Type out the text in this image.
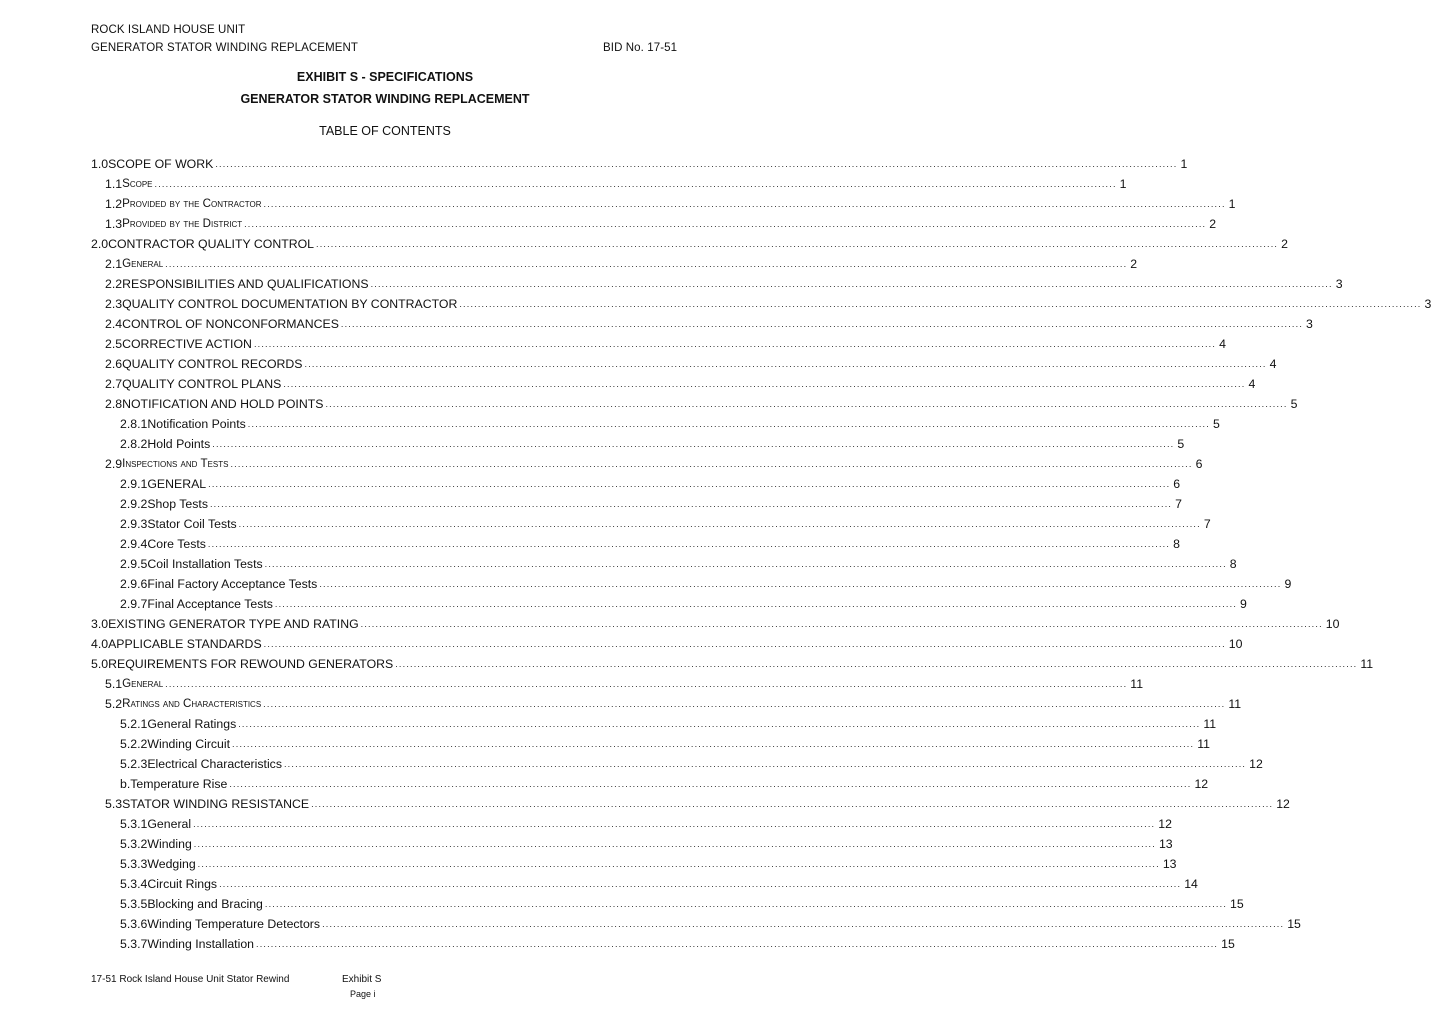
ROCK ISLAND HOUSE UNIT
GENERATOR STATOR WINDING REPLACEMENT	BID No. 17-51
EXHIBIT S - SPECIFICATIONS
GENERATOR STATOR WINDING REPLACEMENT
TABLE OF CONTENTS
1.0 SCOPE OF WORK .................................................................................................................................................................................................................................................................... 1
1.1 Scope .................................................................................................................................................................................................................................................................... 1
1.2 Provided by the Contractor .................................................................................................................................................................................................................................................................... 1
1.3 Provided by the District .................................................................................................................................................................................................................................................................... 2
2.0 CONTRACTOR QUALITY CONTROL .................................................................................................................................................................................................................................................................... 2
2.1 General .................................................................................................................................................................................................................................................................... 2
2.2 RESPONSIBILITIES AND QUALIFICATIONS .................................................................................................................................................................................................................................................................... 3
2.3 QUALITY CONTROL DOCUMENTATION BY CONTRACTOR .................................................................................................................................................................................................................................................................... 3
2.4 CONTROL OF NONCONFORMANCES .................................................................................................................................................................................................................................................................... 3
2.5 CORRECTIVE ACTION .................................................................................................................................................................................................................................................................... 4
2.6 QUALITY CONTROL RECORDS .................................................................................................................................................................................................................................................................... 4
2.7 QUALITY CONTROL PLANS .................................................................................................................................................................................................................................................................... 4
2.8 NOTIFICATION AND HOLD POINTS .................................................................................................................................................................................................................................................................... 5
2.8.1 Notification Points .................................................................................................................................................................................................................................................................... 5
2.8.2 Hold Points .................................................................................................................................................................................................................................................................... 5
2.9 Inspections and Tests .................................................................................................................................................................................................................................................................... 6
2.9.1 GENERAL .................................................................................................................................................................................................................................................................... 6
2.9.2 Shop Tests .................................................................................................................................................................................................................................................................... 7
2.9.3 Stator Coil Tests .................................................................................................................................................................................................................................................................... 7
2.9.4 Core Tests .................................................................................................................................................................................................................................................................... 8
2.9.5 Coil Installation Tests .................................................................................................................................................................................................................................................................... 8
2.9.6 Final Factory Acceptance Tests .................................................................................................................................................................................................................................................................... 9
2.9.7 Final Acceptance Tests .................................................................................................................................................................................................................................................................... 9
3.0 EXISTING GENERATOR TYPE AND RATING .................................................................................................................................................................................................................................................................... 10
4.0 APPLICABLE STANDARDS .................................................................................................................................................................................................................................................................... 10
5.0 REQUIREMENTS FOR REWOUND GENERATORS .................................................................................................................................................................................................................................................................... 11
5.1 General .................................................................................................................................................................................................................................................................... 11
5.2 Ratings and Characteristics .................................................................................................................................................................................................................................................................... 11
5.2.1 General Ratings .................................................................................................................................................................................................................................................................... 11
5.2.2 Winding Circuit .................................................................................................................................................................................................................................................................... 11
5.2.3 Electrical Characteristics .................................................................................................................................................................................................................................................................... 12
b. Temperature Rise .................................................................................................................................................................................................................................................................... 12
5.3 STATOR WINDING RESISTANCE .................................................................................................................................................................................................................................................................... 12
5.3.1 General .................................................................................................................................................................................................................................................................... 12
5.3.2 Winding .................................................................................................................................................................................................................................................................... 13
5.3.3 Wedging .................................................................................................................................................................................................................................................................... 13
5.3.4 Circuit Rings .................................................................................................................................................................................................................................................................... 14
5.3.5 Blocking and Bracing .................................................................................................................................................................................................................................................................... 15
5.3.6 Winding Temperature Detectors .................................................................................................................................................................................................................................................................... 15
5.3.7 Winding Installation .................................................................................................................................................................................................................................................................... 15
17-51 Rock Island House Unit Stator Rewind	Exhibit S
Page i
